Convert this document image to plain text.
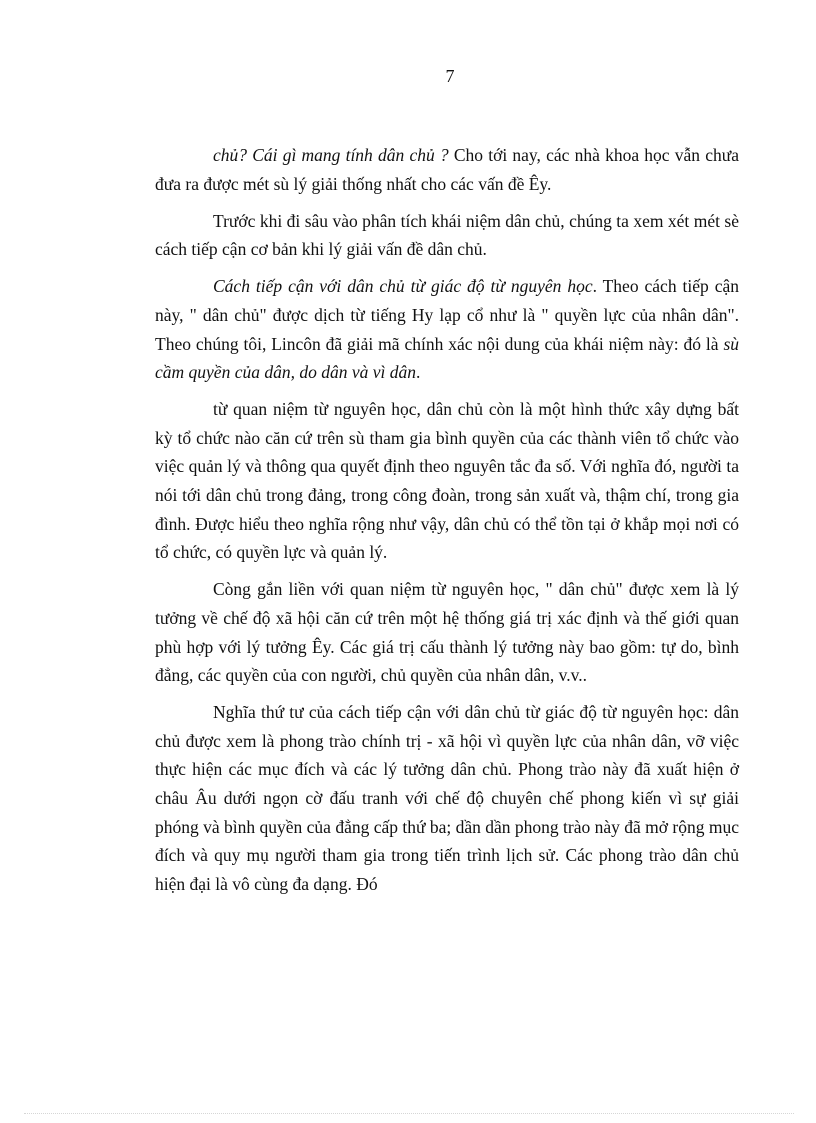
7

chủ? Cái gì mang tính dân chủ ? Cho tới nay, các nhà khoa học vẫn chưa đưa ra được mét sù lý giải thống nhất cho các vấn đề Êy.

Trước khi đi sâu vào phân tích khái niệm dân chủ, chúng ta xem xét mét sè cách tiếp cận cơ bản khi lý giải vấn đề dân chủ.

Cách tiếp cận với dân chủ từ giác độ từ nguyên học. Theo cách tiếp cận này, " dân chủ" được dịch từ tiếng Hy lạp cổ như là " quyền lực của nhân dân". Theo chúng tôi, Lincôn đã giải mã chính xác nội dung của khái niệm này: đó là sù cầm quyền của dân, do dân và vì dân.

từ quan niệm từ nguyên học, dân chủ còn là một hình thức xây dựng bất kỳ tổ chức nào căn cứ trên sù tham gia bình quyền của các thành viên tổ chức vào việc quản lý và thông qua quyết định theo nguyên tắc đa số. Với nghĩa đó, người ta nói tới dân chủ trong đảng, trong công đoàn, trong sản xuất và, thậm chí, trong gia đình. Được hiểu theo nghĩa rộng như vậy, dân chủ có thể tồn tại ở khắp mọi nơi có tổ chức, có quyền lực và quản lý.

Còng gắn liền với quan niệm từ nguyên học, " dân chủ" được xem là lý tưởng về chế độ xã hội căn cứ trên một hệ thống giá trị xác định và thế giới quan phù hợp với lý tưởng Êy. Các giá trị cấu thành lý tưởng này bao gồm: tự do, bình đẳng, các quyền của con người, chủ quyền của nhân dân, v.v..

Nghĩa thứ tư của cách tiếp cận với dân chủ từ giác độ từ nguyên học: dân chủ được xem là phong trào chính trị - xã hội vì quyền lực của nhân dân, vỡ việc thực hiện các mục đích và các lý tưởng dân chủ. Phong trào này đã xuất hiện ở châu Âu dưới ngọn cờ đấu tranh với chế độ chuyên chế phong kiến vì sự giải phóng và bình quyền của đẳng cấp thứ ba; dần dần phong trào này đã mở rộng mục đích và quy mụ người tham gia trong tiến trình lịch sử. Các phong trào dân chủ hiện đại là vô cùng đa dạng. Đó
